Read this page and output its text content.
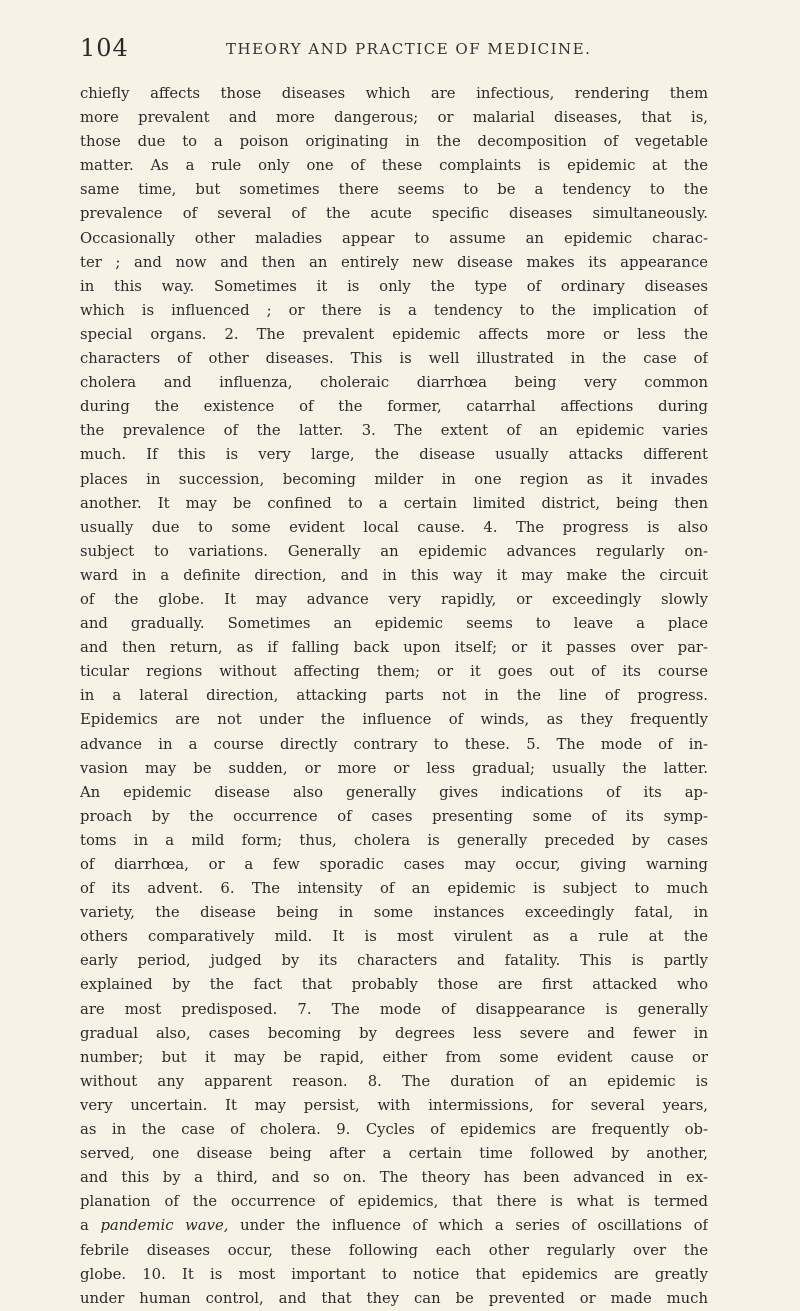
104	THEORY AND PRACTICE OF MEDICINE.
chiefly affects those diseases which are infectious, rendering them
more prevalent and more dangerous; or malarial diseases, that is,
those due to a poison originating in the decomposition of vegetable
matter. As a rule only one of these complaints is epidemic at the
same time, but sometimes there seems to be a tendency to the
prevalence of several of the acute specific diseases simultaneously.
Occasionally other maladies appear to assume an epidemic charac-
ter ; and now and then an entirely new disease makes its appearance
in this way. Sometimes it is only the type of ordinary diseases
which is influenced ; or there is a tendency to the implication of
special organs. 2. The prevalent epidemic affects more or less the
characters of other diseases. This is well illustrated in the case of
cholera and influenza, choleraic diarrhœa being very common
during the existence of the former, catarrhal affections during
the prevalence of the latter. 3. The extent of an epidemic varies
much. If this is very large, the disease usually attacks different
places in succession, becoming milder in one region as it invades
another. It may be confined to a certain limited district, being then
usually due to some evident local cause. 4. The progress is also
subject to variations. Generally an epidemic advances regularly on-
ward in a definite direction, and in this way it may make the circuit
of the globe. It may advance very rapidly, or exceedingly slowly
and gradually. Sometimes an epidemic seems to leave a place
and then return, as if falling back upon itself; or it passes over par-
ticular regions without affecting them; or it goes out of its course
in a lateral direction, attacking parts not in the line of progress.
Epidemics are not under the influence of winds, as they frequently
advance in a course directly contrary to these. 5. The mode of in-
vasion may be sudden, or more or less gradual; usually the latter.
An epidemic disease also generally gives indications of its ap-
proach by the occurrence of cases presenting some of its symp-
toms in a mild form; thus, cholera is generally preceded by cases
of diarrhœa, or a few sporadic cases may occur, giving warning
of its advent. 6. The intensity of an epidemic is subject to much
variety, the disease being in some instances exceedingly fatal, in
others comparatively mild. It is most virulent as a rule at the
early period, judged by its characters and fatality. This is partly
explained by the fact that probably those are first attacked who
are most predisposed. 7. The mode of disappearance is generally
gradual also, cases becoming by degrees less severe and fewer in
number; but it may be rapid, either from some evident cause or
without any apparent reason. 8. The duration of an epidemic is
very uncertain. It may persist, with intermissions, for several years,
as in the case of cholera. 9. Cycles of epidemics are frequently ob-
served, one disease being after a certain time followed by another,
and this by a third, and so on. The theory has been advanced in ex-
planation of the occurrence of epidemics, that there is what is termed
a pandemic wave, under the influence of which a series of oscillations of
febrile diseases occur, these following each other regularly over the
globe. 10. It is most important to notice that epidemics are greatly
under human control, and that they can be prevented or made much
